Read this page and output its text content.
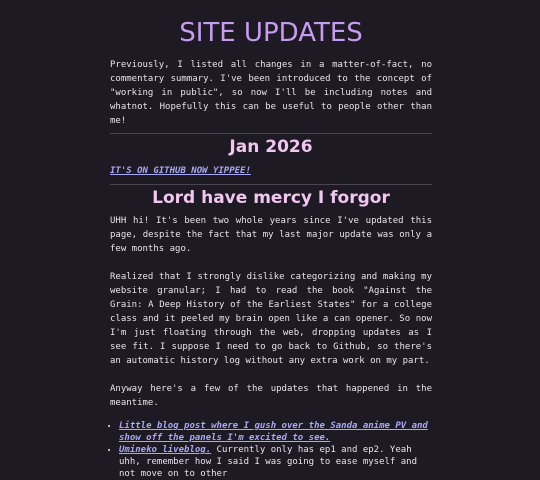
SITE UPDATES

Previously, I listed all changes in a matter-of-fact, no commentary summary. I've been introduced to the concept of "working in public", so now I'll be including notes and whatnot. Hopefully this can be useful to people other than me!

Jan 2026

IT'S ON GITHUB NOW YIPPEE!

Lord have mercy I forgor

UHH hi! It's been two whole years since I've updated this page, despite the fact that my last major update was only a few months ago.

Realized that I strongly dislike categorizing and making my website granular; I had to read the book "Against the Grain: A Deep History of the Earliest States" for a college class and it peeled my brain open like a can opener. So now I'm just floating through the web, dropping updates as I see fit. I suppose I need to go back to Github, so there's an automatic history log without any extra work on my part.

Anyway here's a few of the updates that happened in the meantime.

• Little blog post where I gush over the Sanda anime PV and show off the panels I'm excited to see.
• Umineko liveblog. Currently only has ep1 and ep2. Yeah uhh, remember how I said I was going to ease myself and not move on to other
